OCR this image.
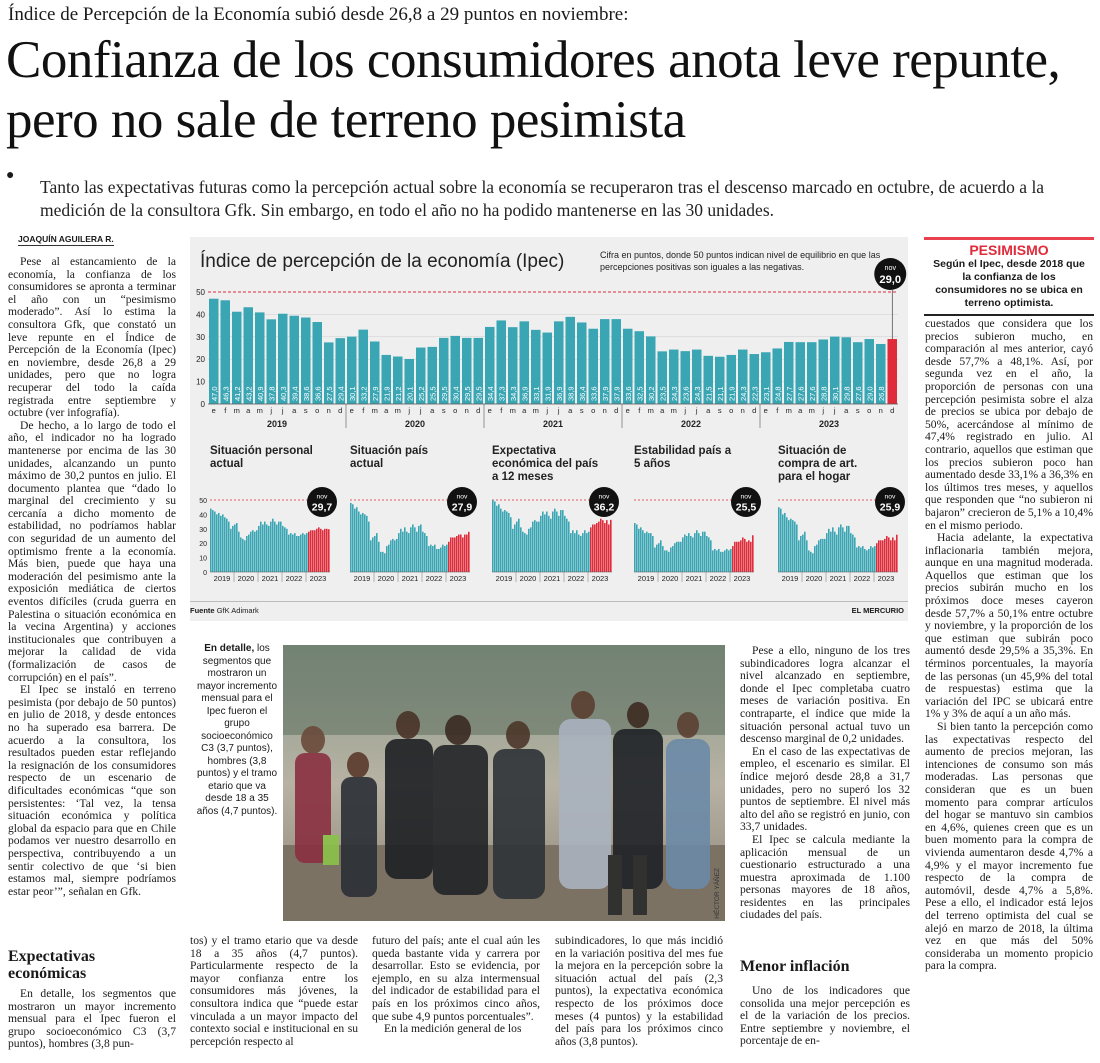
Índice de Percepción de la Economía subió desde 26,8 a 29 puntos en noviembre:
Confianza de los consumidores anota leve repunte, pero no sale de terreno pesimista
●
Tanto las expectativas futuras como la percepción actual sobre la economía se recuperaron tras el descenso marcado en octubre, de acuerdo a la medición de la consultora Gfk. Sin embargo, en todo el año no ha podido mantenerse en las 30 unidades.
JOAQUÍN AGUILERA R.

Pese al estancamiento de la economía, la confianza de los consumidores se apronta a terminar el año con un “pesimismo moderado”. Así lo estima la consultora Gfk, que constató un leve repunte en el Índice de Percepción de la Economía (Ipec) en noviembre, desde 26,8 a 29 unidades, pero que no logra recuperar del todo la caída registrada entre septiembre y octubre (ver infografía).

De hecho, a lo largo de todo el año, el indicador no ha logrado mantenerse por encima de las 30 unidades, alcanzando un punto máximo de 30,2 puntos en julio. El documento plantea que “dado lo marginal del crecimiento y su cercanía a dicho momento de estabilidad, no podríamos hablar con seguridad de un aumento del optimismo frente a la economía. Más bien, puede que haya una moderación del pesimismo ante la exposición mediática de ciertos eventos difíciles (cruda guerra en Palestina o situación económica en la vecina Argentina) y acciones institucionales que contribuyen a mejorar la calidad de vida (formalización de casos de corrupción) en el país”.

El Ipec se instaló en terreno pesimista (por debajo de 50 puntos) en julio de 2018, y desde entonces no ha superado esa barrera. De acuerdo a la consultora, los resultados pueden estar reflejando la resignación de los consumidores respecto de un escenario de dificultades económicas “que son persistentes: ‘Tal vez, la tensa situación económica y política global da espacio para que en Chile podamos ver nuestro desarrollo en perspectiva, contribuyendo a un sentir colectivo de que ‘si bien estamos mal, siempre podríamos estar peor’”, señalan en Gfk.

Expectativas económicas

En detalle, los segmentos que mostraron un mayor incremento mensual para el Ipec fueron el grupo socioeconómico C3 (3,7 puntos), hombres (3,8 pun-

Índice de percepción de la economía (Ipec)	Cifra en puntos, donde 50 puntos indican nivel de equilibrio en que las percepciones positivas son iguales a las negativas.
0
10
20
30
40
50
47,0
e
46,3
f
41,2
m
43,2
a
40,9
m
37,8
j
40,3
j
39,4
a
38,6
s
36,6
o
27,5
n
29,4
d
30,1
e
33,2
f
27,9
m
21,9
a
21,2
m
20,1
j
25,2
j
25,5
a
29,5
s
30,4
o
29,5
n
29,5
d
34,4
e
37,3
f
34,3
m
36,9
a
33,1
m
31,9
j
36,9
j
38,9
a
36,4
s
33,6
o
37,9
n
37,9
d
33,6
e
32,5
f
30,2
m
23,5
a
24,3
m
23,6
j
24,3
j
21,5
a
21,1
s
21,9
o
24,3
n
22,3
d
23,1
e
24,8
f
27,7
m
27,6
a
27,6
m
28,8
j
30,1
j
29,8
a
27,6
s
29,0
o
26,8
n d
2019	2020	2021	2022	2023
nov
29,0
Situación personal actual
0
10
20
30
40
50
2019 2020 2021 2022 2023
nov
29,7
Situación país actual
2019 2020 2021 2022 2023
nov
27,9
Expectativa económica del país a 12 meses
2019 2020 2021 2022 2023
nov
36,2
Estabilidad país a 5 años
2019 2020 2021 2022 2023
nov
25,5
Situación de compra de art. para el hogar
2019 2020 2021 2022 2023
nov
25,9
Fuente GfK Adimark	EL MERCURIO
PESIMISMO
Según el Ipec, desde 2018 que la confianza de los consumidores no se ubica en terreno optimista.

cuestados que considera que los precios subieron mucho, en comparación al mes anterior, cayó desde 57,7% a 48,1%. Así, por segunda vez en el año, la proporción de personas con una percepción pesimista sobre el alza de precios se ubica por debajo de 50%, acercándose al mínimo de 47,4% registrado en julio. Al contrario, aquellos que estiman que los precios subieron poco han aumentado desde 33,1% a 36,3% en los últimos tres meses, y aquellos que responden que “no subieron ni bajaron” crecieron de 5,1% a 10,4% en el mismo periodo.

Hacia adelante, la expectativa inflacionaria también mejora, aunque en una magnitud moderada. Aquellos que estiman que los precios subirán mucho en los próximos doce meses cayeron desde 57,7% a 50,1% entre octubre y noviembre, y la proporción de los que estiman que subirán poco aumentó desde 29,5% a 35,3%. En términos porcentuales, la mayoría de las personas (un 45,9% del total de respuestas) estima que la variación del IPC se ubicará entre 1% y 3% de aquí a un año más.

Si bien tanto la percepción como las expectativas respecto del aumento de precios mejoran, las intenciones de consumo son más moderadas. Las personas que consideran que es un buen momento para comprar artículos del hogar se mantuvo sin cambios en 4,6%, quienes creen que es un buen momento para la compra de vivienda aumentaron desde 4,7% a 4,9% y el mayor incremento fue respecto de la compra de automóvil, desde 4,7% a 5,8%. Pese a ello, el indicador está lejos del terreno optimista del cual se alejó en marzo de 2018, la última vez en que más del 50% consideraba un momento propicio para la compra.

En detalle, los segmentos que mostraron un mayor incremento mensual para el Ipec fueron el grupo socioeconómico C3 (3,7 puntos), hombres (3,8 puntos) y el tramo etario que va desde 18 a 35 años (4,7 puntos).
HÉCTOR YÁÑEZ

tos) y el tramo etario que va desde 18 a 35 años (4,7 puntos). Particularmente respecto de la mayor confianza entre los consumidores más jóvenes, la consultora indica que “puede estar vinculada a un mayor impacto del contexto social e institucional en su percepción respecto al

futuro del país; ante el cual aún les queda bastante vida y carrera por desarrollar. Esto se evidencia, por ejemplo, en su alza intermensual del indicador de estabilidad para el país en los próximos cinco años, que sube 4,9 puntos porcentuales”.

En la medición general de los

subindicadores, lo que más incidió en la variación positiva del mes fue la mejora en la percepción sobre la situación actual del país (2,3 puntos), la expectativa económica respecto de los próximos doce meses (4 puntos) y la estabilidad del país para los próximos cinco años (3,8 puntos).

Pese a ello, ninguno de los tres subindicadores logra alcanzar el nivel alcanzado en septiembre, donde el Ipec completaba cuatro meses de variación positiva. En contraparte, el índice que mide la situación personal actual tuvo un descenso marginal de 0,2 unidades.

En el caso de las expectativas de empleo, el escenario es similar. El índice mejoró desde 28,8 a 31,7 unidades, pero no superó los 32 puntos de septiembre. El nivel más alto del año se registró en junio, con 33,7 unidades.

El Ipec se calcula mediante la aplicación mensual de un cuestionario estructurado a una muestra aproximada de 1.100 personas mayores de 18 años, residentes en las principales ciudades del país.

Menor inflación

Uno de los indicadores que consolida una mejor percepción es el de la variación de los precios. Entre septiembre y noviembre, el porcentaje de en-
